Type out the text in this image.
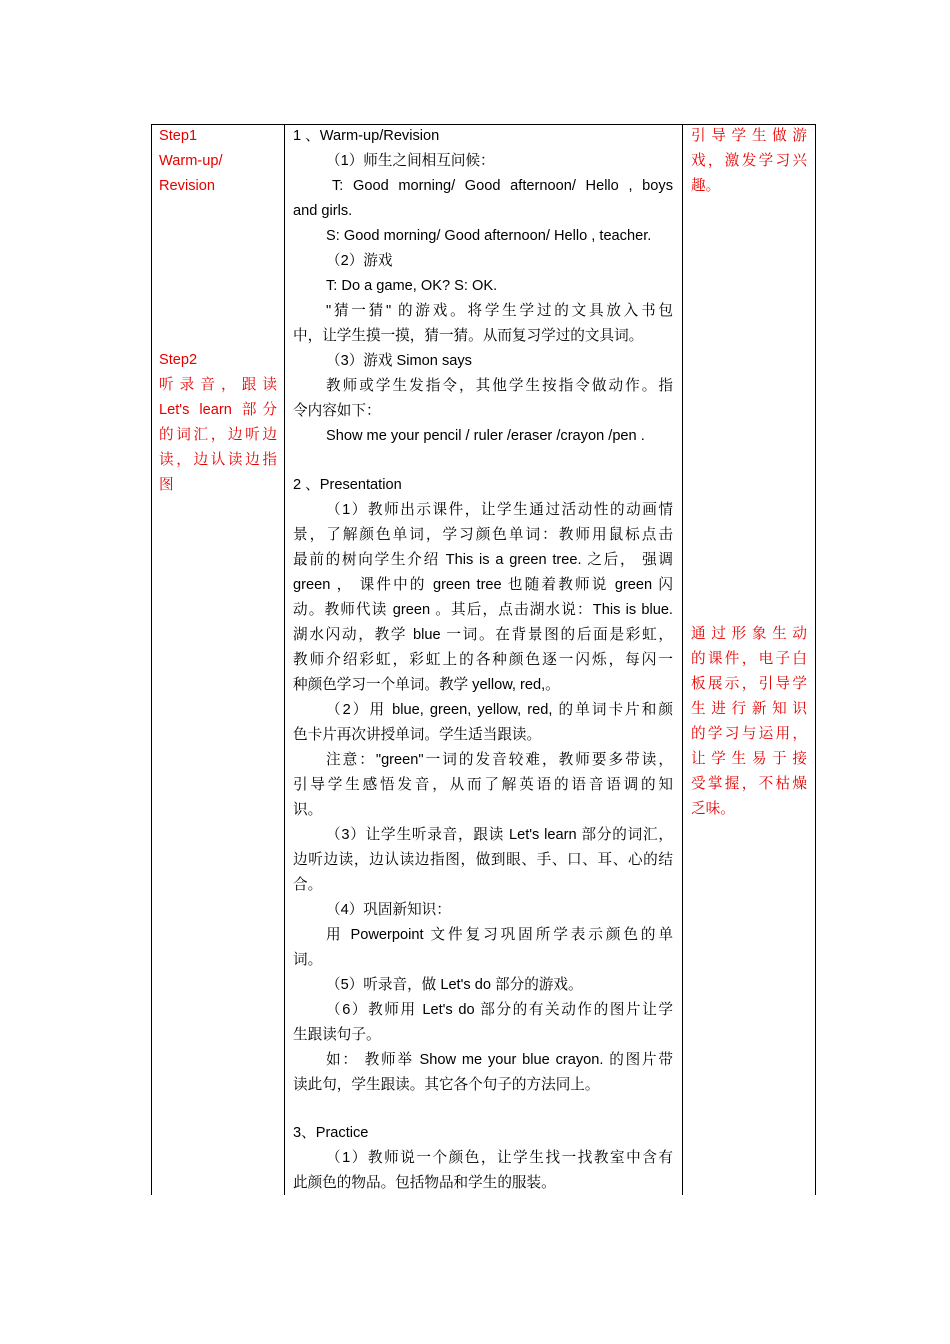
Step1
Warm-up/
Revision
Step2
听录音，跟读
Let's learn 部分
的词汇，边听边
读，边认读边指
图
1 、Warm-up/Revision
（1）师生之间相互问候：
T: Good morning/ Good afternoon/ Hello , boys
and girls.
S: Good morning/ Good afternoon/ Hello , teacher.
（2）游戏
T: Do a game, OK? S: OK.
"猜一猜" 的游戏。将学生学过的文具放入书包
中，让学生摸一摸，猜一猜。从而复习学过的文具词。
（3）游戏 Simon says
教师或学生发指令，其他学生按指令做动作。指
令内容如下：
Show me your pencil / ruler /eraser /crayon /pen .
2 、Presentation
（1）教师出示课件，让学生通过活动性的动画情
景，了解颜色单词，学习颜色单词：教师用鼠标点击
最前的树向学生介绍 This is a green tree. 之后， 强调
green ， 课件中的 green tree 也随着教师说 green 闪
动。教师代读 green 。其后，点击湖水说：This is blue.
湖水闪动，教学 blue 一词。在背景图的后面是彩虹，
教师介绍彩虹，彩虹上的各种颜色逐一闪烁，每闪一
种颜色学习一个单词。教学 yellow, red,。
（2）用 blue, green, yellow, red, 的单词卡片和颜
色卡片再次讲授单词。学生适当跟读。
注意："green"一词的发音较难，教师要多带读，
引导学生感悟发音，从而了解英语的语音语调的知
识。
（3）让学生听录音，跟读 Let's learn 部分的词汇，
边听边读，边认读边指图，做到眼、手、口、耳、心的结
合。
（4）巩固新知识：
用 Powerpoint 文件复习巩固所学表示颜色的单
词。
（5）听录音，做 Let's do 部分的游戏。
（6）教师用 Let's do 部分的有关动作的图片让学
生跟读句子。
如： 教师举 Show me your blue crayon. 的图片带
读此句，学生跟读。其它各个句子的方法同上。
3、Practice
（1）教师说一个颜色，让学生找一找教室中含有
此颜色的物品。包括物品和学生的服装。
引导学生做游
戏，激发学习兴
趣。
通过形象生动
的课件，电子白
板展示，引导学
生进行新知识
的学习与运用，
让学生易于接
受掌握，不枯燥
乏味。
